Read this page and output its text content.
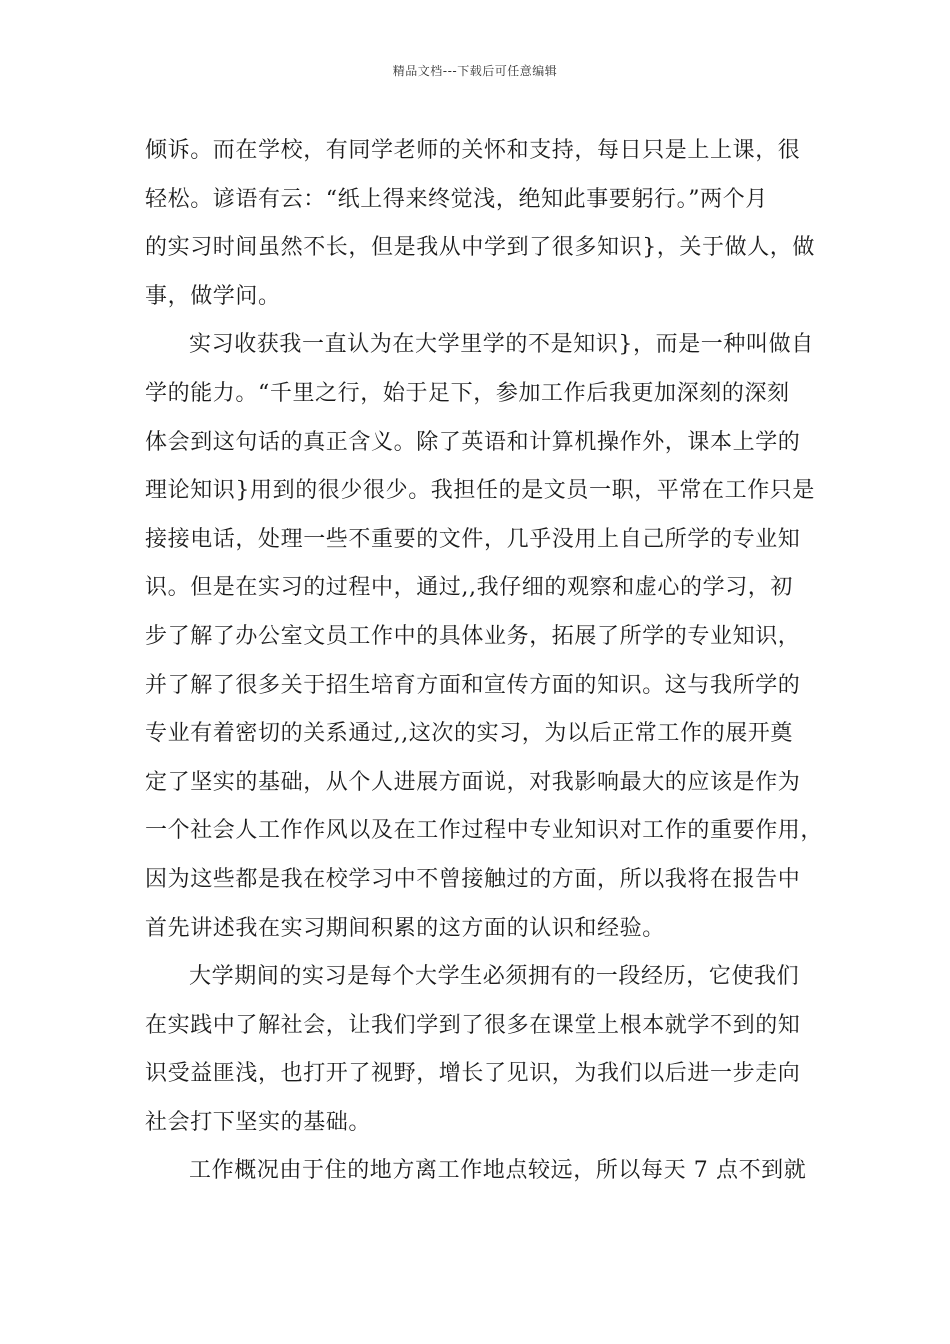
精品文档---下载后可任意编辑
倾诉。而在学校，有同学老师的关怀和支持，每日只是上上课，很
轻松。谚语有云：“纸上得来终觉浅，绝知此事要躬行。”两个月
的实习时间虽然不长，但是我从中学到了很多知识}，关于做人，做
事，做学问。
实习收获我一直认为在大学里学的不是知识}，而是一种叫做自
学的能力。“千里之行，始于足下，参加工作后我更加深刻的深刻
体会到这句话的真正含义。除了英语和计算机操作外，课本上学的
理论知识}用到的很少很少。我担任的是文员一职，平常在工作只是
接接电话，处理一些不重要的文件，几乎没用上自己所学的专业知
识。但是在实习的过程中，通过,,我仔细的观察和虚心的学习，初
步了解了办公室文员工作中的具体业务，拓展了所学的专业知识，
并了解了很多关于招生培育方面和宣传方面的知识。这与我所学的
专业有着密切的关系通过,,这次的实习，为以后正常工作的展开奠
定了坚实的基础，从个人进展方面说，对我影响最大的应该是作为
一个社会人工作作风以及在工作过程中专业知识对工作的重要作用，
因为这些都是我在校学习中不曾接触过的方面，所以我将在报告中
首先讲述我在实习期间积累的这方面的认识和经验。
大学期间的实习是每个大学生必须拥有的一段经历，它使我们
在实践中了解社会，让我们学到了很多在课堂上根本就学不到的知
识受益匪浅，也打开了视野，增长了见识，为我们以后进一步走向
社会打下坚实的基础。
工作概况由于住的地方离工作地点较远，所以每天 7 点不到就
